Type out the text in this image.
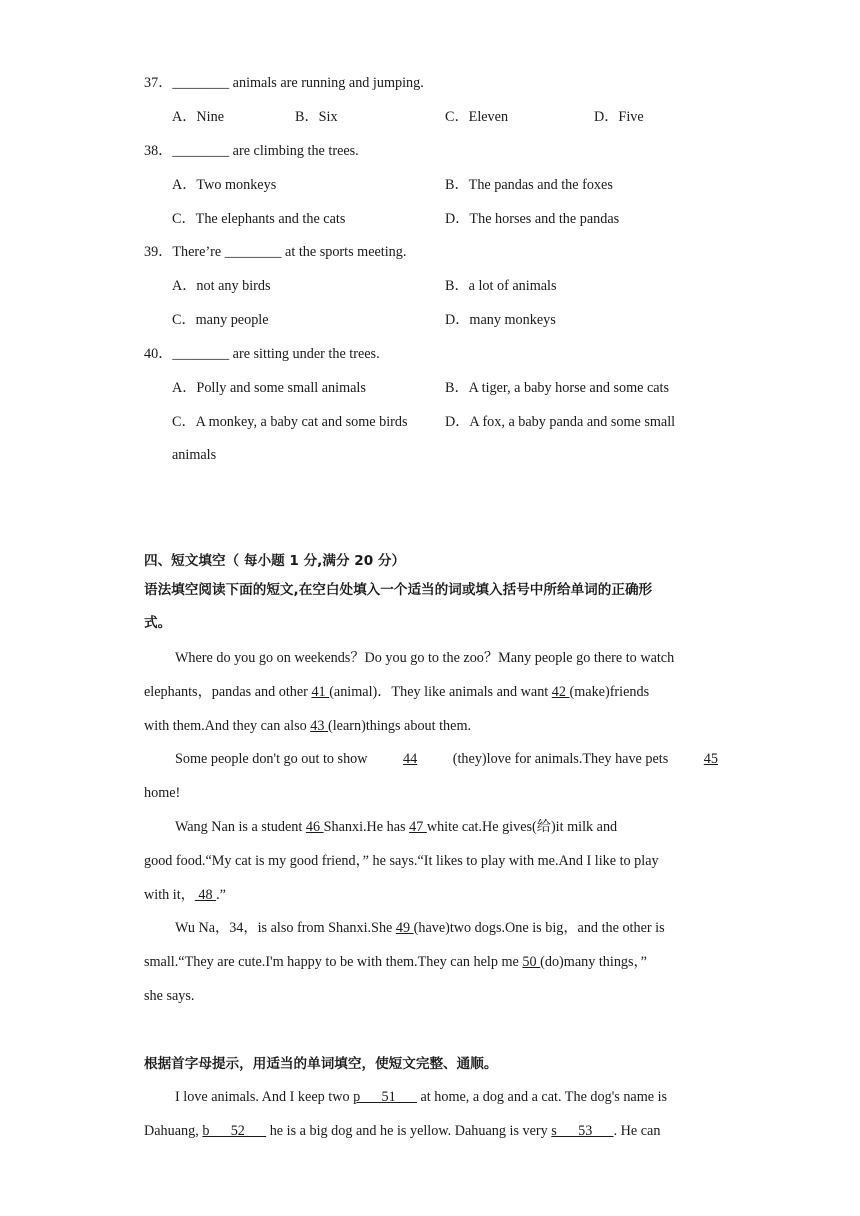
37．________ animals are running and jumping.
A．Nine	B．Six	C．Eleven	D．Five
38．________ are climbing the trees.
A．Two monkeys	B．The pandas and the foxes
C．The elephants and the cats	D．The horses and the pandas
39．There’re ________ at the sports meeting.
A．not any birds	B．a lot of animals
C．many people	D．many monkeys
40．________ are sitting under the trees.
A．Polly and some small animals	B．A tiger, a baby horse and some cats
C．A monkey, a baby cat and some birds	D．A fox, a baby panda and some small
animals
四、短文填空（ 每小题 1 分,满分 20 分）
语法填空阅读下面的短文,在空白处填入一个适当的词或填入括号中所给单词的正确形
式。
Where do you go on weekends？Do you go to the zoo？Many people go there to watch
elephants，pandas and other 41 (animal)．They like animals and want 42 (make)friends
with them.And they can also 43 (learn)things about them.
Some people don't go out to show	44	(they)love for animals.They have pets	45
home!
Wang Nan is a student 46 Shanxi.He has 47 white cat.He gives(给)it milk and
good food.“My cat is my good friend，” he says.“It likes to play with me.And I like to play
with it， 48 .”
Wu Na，34，is also from Shanxi.She 49 (have)two dogs.One is big，and the other is
small.“They are cute.I'm happy to be with them.They can help me 50 (do)many things，”
she says.
根据首字母提示，用适当的单词填空，使短文完整、通顺。
I love animals. And I keep two p      51       at home, a dog and a cat. The dog's name is
Dahuang, b      52       he is a big dog and he is yellow. Dahuang is very s      53      . He can
